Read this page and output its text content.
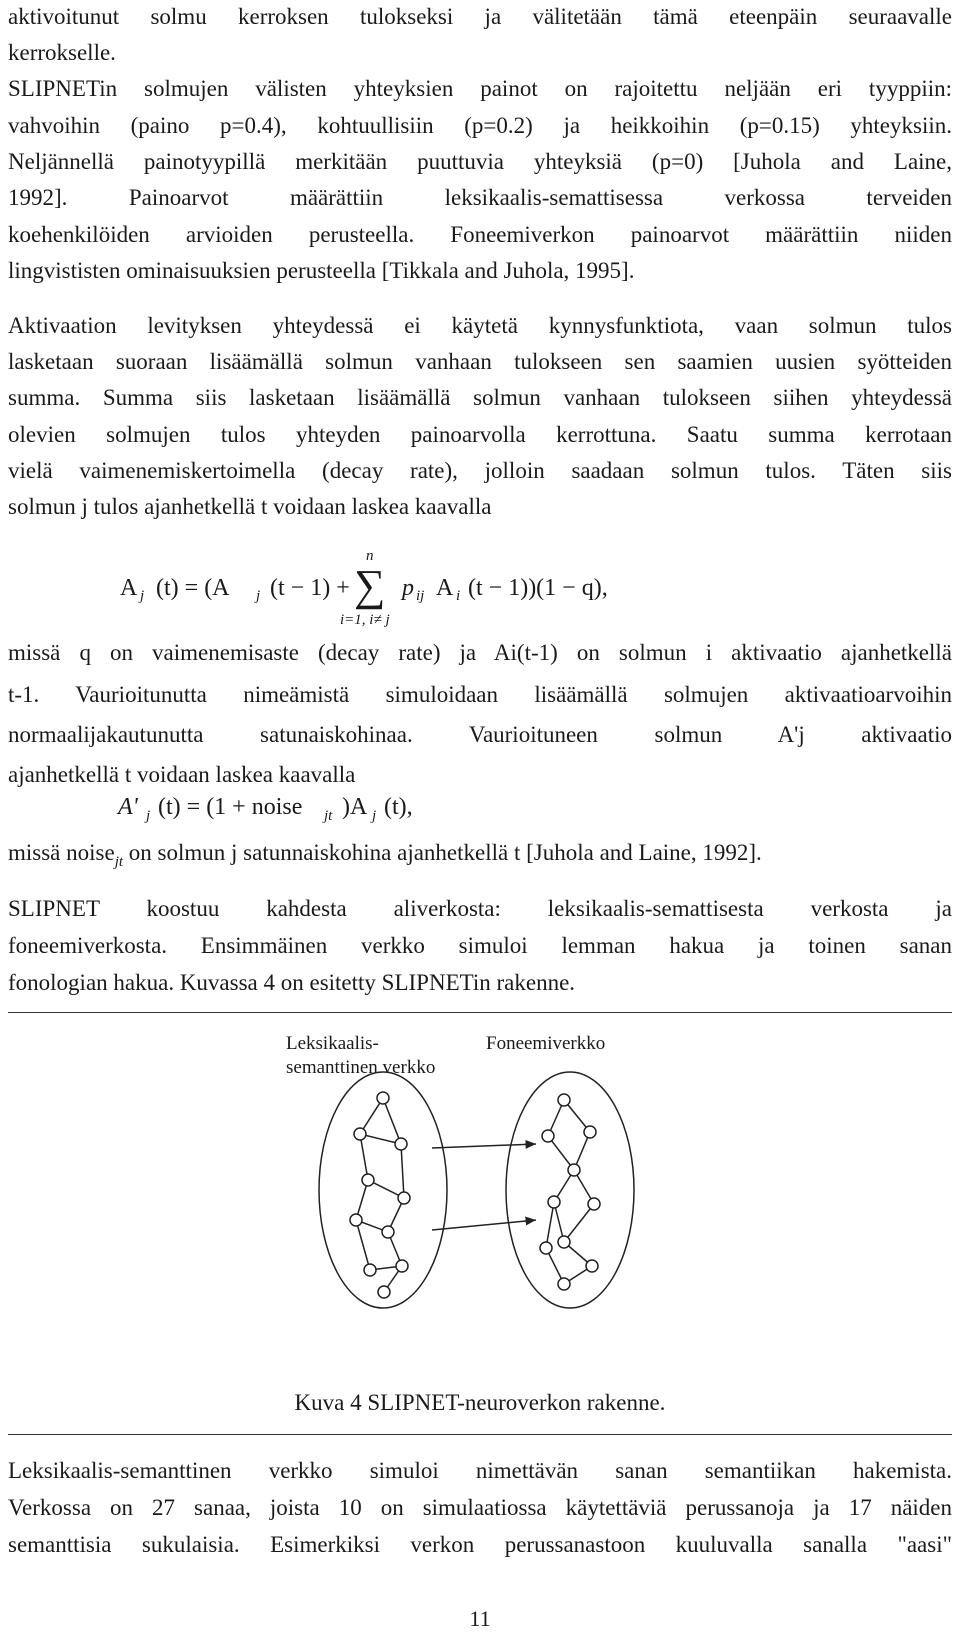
aktivoitunut solmu kerroksen tulokseksi ja välitetään tämä eteenpäin seuraavalle
kerrokselle.
SLIPNETin solmujen välisten yhteyksien painot on rajoitettu neljään eri tyyppiin:
vahvoihin (paino p=0.4), kohtuullisiin (p=0.2) ja heikkoihin (p=0.15) yhteyksiin.
Neljännellä painotyypillä merkitään puuttuvia yhteyksiä (p=0) [Juhola and Laine,
1992]. Painoarvot määrättiin leksikaalis-semattisessa verkossa terveiden
koehenkilöiden arvioiden perusteella. Foneemiverkon painoarvot määrättiin niiden
lingvististen ominaisuuksien perusteella [Tikkala and Juhola, 1995].
Aktivaation levityksen yhteydessä ei käytetä kynnysfunktiota, vaan solmun tulos
lasketaan suoraan lisäämällä solmun vanhaan tulokseen sen saamien uusien syötteiden
summa. Summa siis lasketaan lisäämällä solmun vanhaan tulokseen siihen yhteydessä
olevien solmujen tulos yhteyden painoarvolla kerrottuna. Saatu summa kerrotaan
vielä vaimenemiskertoimella (decay rate), jolloin saadaan solmun tulos. Täten siis
solmun j tulos ajanhetkellä t voidaan laskea kaavalla
A j (t) = (A j (t − 1) +
n
∑
i=1, i≠ j
p ij A i (t − 1))(1 − q),
missä q on vaimenemisaste (decay rate) ja Ai(t-1) on solmun i aktivaatio ajanhetkellä
t-1. Vaurioitunutta nimeämistä simuloidaan lisäämällä solmujen aktivaatioarvoihin
normaalijakautunutta satunaiskohinaa. Vaurioituneen solmun A'j aktivaatio
ajanhetkellä t voidaan laskea kaavalla
A' j (t) = (1 + noise jt )A j (t),
missä noise$_{jt}$ on solmun j satunnaiskohina ajanhetkellä t [Juhola and Laine, 1992].
SLIPNET koostuu kahdesta aliverkosta: leksikaalis-semattisesta verkosta ja
foneemiverkosta. Ensimmäinen verkko simuloi lemman hakua ja toinen sanan
fonologian hakua. Kuvassa 4 on esitetty SLIPNETin rakenne.
Leksikaalis-
semanttinen verkko
Foneemiverkko
Kuva 4 SLIPNET-neuroverkon rakenne.
Leksikaalis-semanttinen verkko simuloi nimettävän sanan semantiikan hakemista.
Verkossa on 27 sanaa, joista 10 on simulaatiossa käytettäviä perussanoja ja 17 näiden
semanttisia sukulaisia. Esimerkiksi verkon perussanastoon kuuluvalla sanalla "aasi"
11
